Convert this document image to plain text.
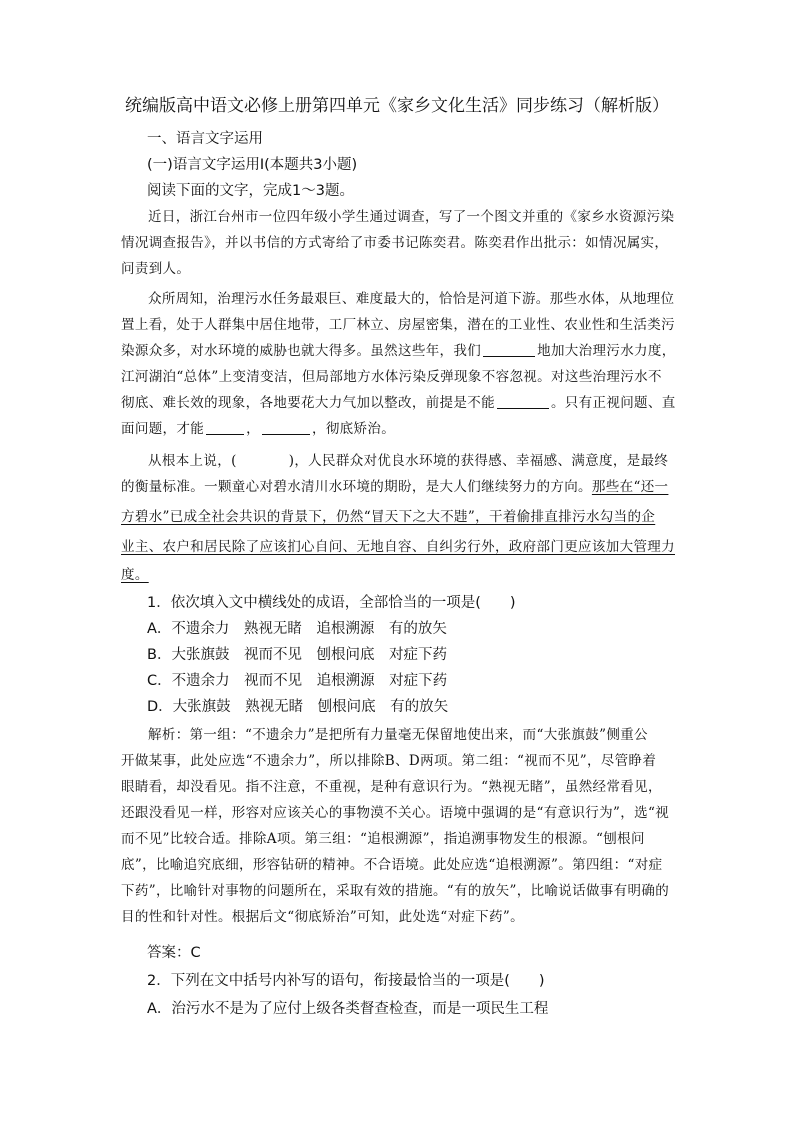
统编版高中语文必修上册第四单元《家乡文化生活》同步练习（解析版）
一、语言文字运用
(一)语言文字运用Ⅰ(本题共3小题)
阅读下面的文字，完成1～3题。
近日，浙江台州市一位四年级小学生通过调查，写了一个图文并重的《家乡水资源污染
情况调查报告》，并以书信的方式寄给了市委书记陈奕君。陈奕君作出批示：如情况属实，
问责到人。
众所周知，治理污水任务最艰巨、难度最大的，恰恰是河道下游。那些水体，从地理位
置上看，处于人群集中居住地带，工厂林立、房屋密集，潜在的工业性、农业性和生活类污
染源众多，对水环境的威胁也就大得多。虽然这些年，我们	地加大治理污水力度，
江河湖泊“总体”上变清变洁，但局部地方水体污染反弹现象不容忽视。对这些治理污水不
彻底、难长效的现象，各地要花大力气加以整改，前提是不能	。只有正视问题、直
面问题，才能	，	，彻底矫治。
从根本上说，(	)，人民群众对优良水环境的获得感、幸福感、满意度，是最终
的衡量标准。一颗童心对碧水清川水环境的期盼，是大人们继续努力的方向。那些在“还一
方碧水”已成全社会共识的背景下，仍然“冒天下之大不韪”，干着偷排直排污水勾当的企
业主、农户和居民除了应该扪心自问、无地自容、自纠劣行外，政府部门更应该加大管理力
度。
1．依次填入文中横线处的成语，全部恰当的一项是(　　)
A．不遗余力　熟视无睹　追根溯源　有的放矢
B．大张旗鼓　视而不见　刨根问底　对症下药
C．不遗余力　视而不见　追根溯源　对症下药
D．大张旗鼓　熟视无睹　刨根问底　有的放矢
解析：第一组：“不遗余力”是把所有力量毫无保留地使出来，而“大张旗鼓”侧重公
开做某事，此处应选“不遗余力”，所以排除B、D两项。第二组：“视而不见”，尽管睁着
眼睛看，却没看见。指不注意，不重视，是种有意识行为。“熟视无睹”，虽然经常看见，
还跟没看见一样，形容对应该关心的事物漠不关心。语境中强调的是“有意识行为”，选“视
而不见”比较合适。排除A项。第三组：“追根溯源”，指追溯事物发生的根源。“刨根问
底”，比喻追究底细，形容钻研的精神。不合语境。此处应选“追根溯源”。第四组：“对症
下药”，比喻针对事物的问题所在，采取有效的措施。“有的放矢”，比喻说话做事有明确的
目的性和针对性。根据后文“彻底矫治”可知，此处选“对症下药”。
答案：C
2．下列在文中括号内补写的语句，衔接最恰当的一项是(　　)
A．治污水不是为了应付上级各类督查检查，而是一项民生工程
